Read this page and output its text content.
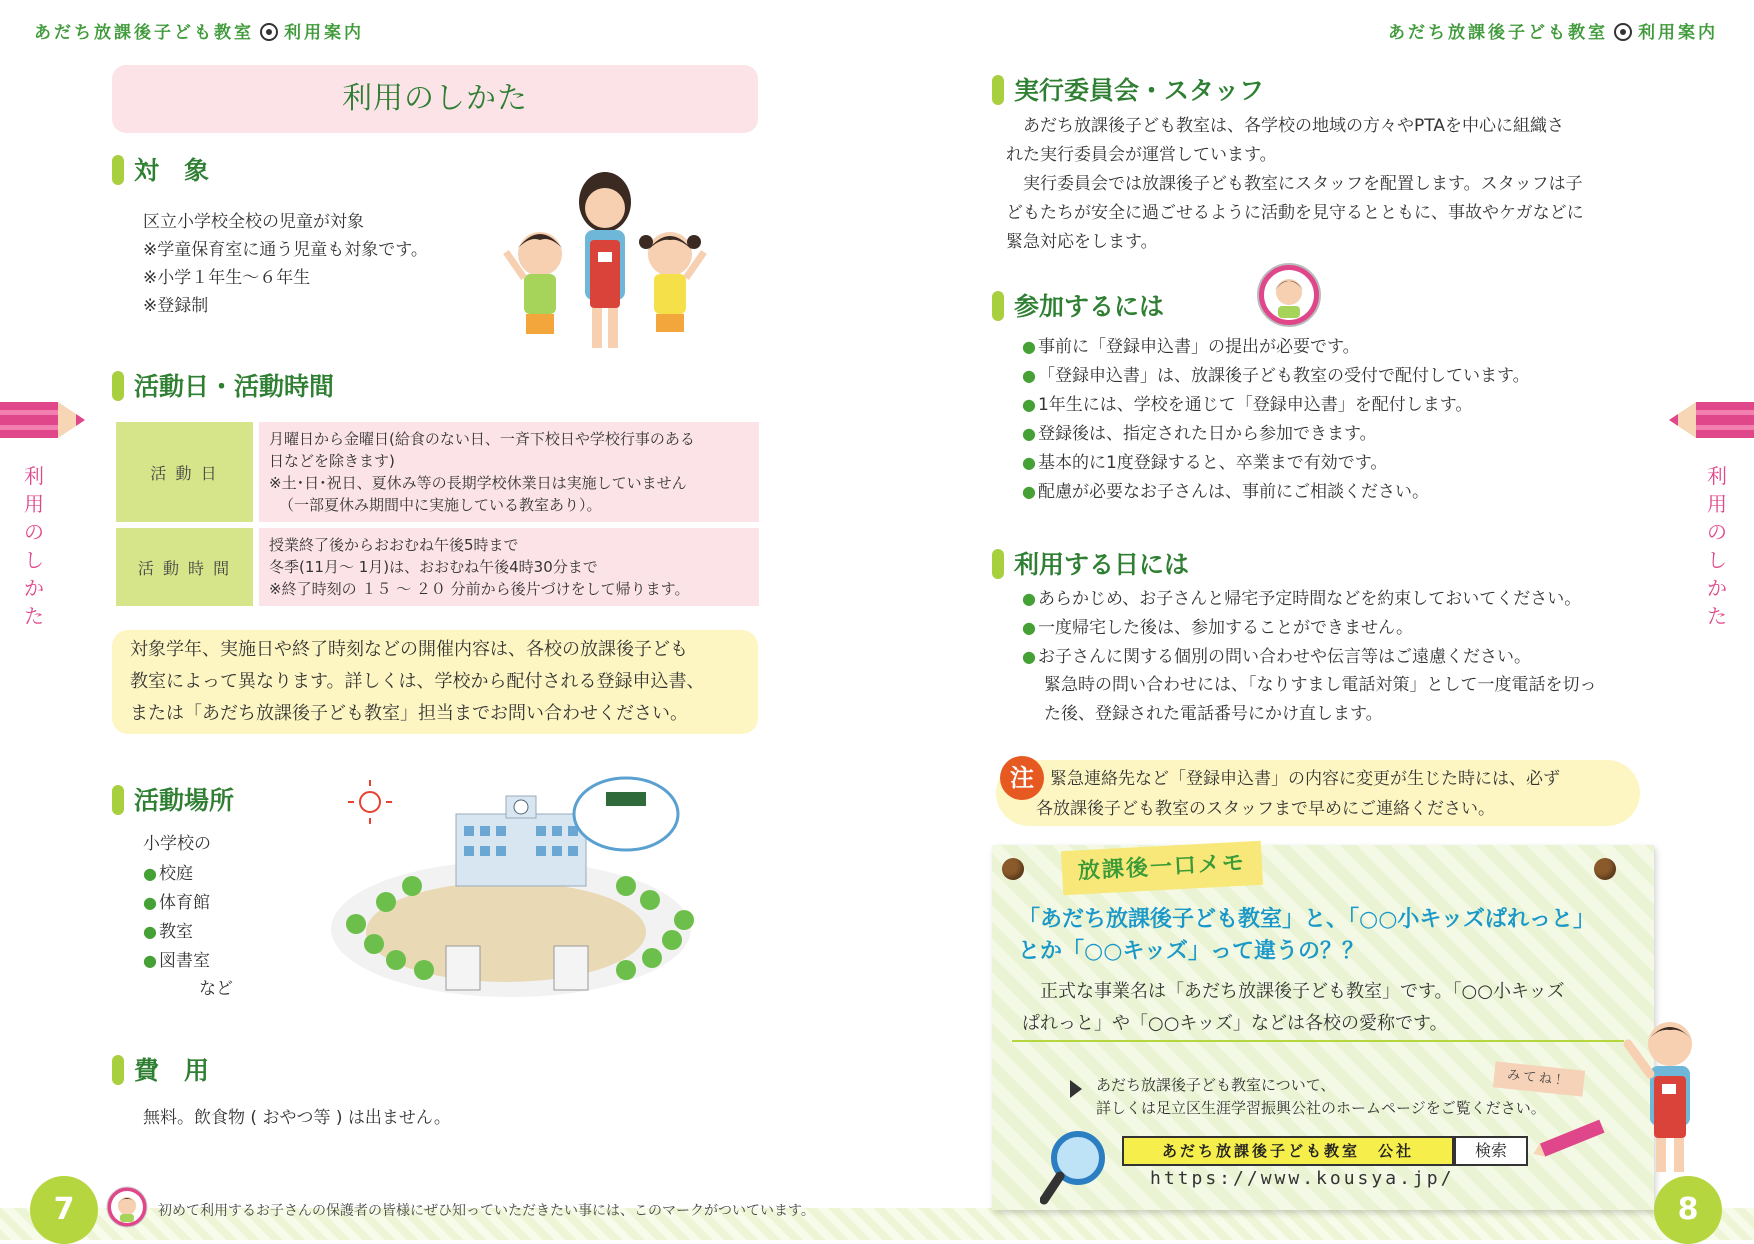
あだち放課後子ども教室 利用案内	あだち放課後子ども教室 利用案内
利用のしかた
利
用
の
し
か
た
対　象
区立小学校全校の児童が対象
※学童保育室に通う児童も対象です。
※小学１年生〜６年生
※登録制
活動日・活動時間
活 動 日	月曜日から金曜日(給食のない日、一斉下校日や学校行事のある
日などを除きます)
※土･日･祝日、夏休み等の長期学校休業日は実施していません
（一部夏休み期間中に実施している教室あり）。

活 動 時 間	授業終了後からおおむね午後5時まで
冬季(11月〜 1月)は、おおむね午後4時30分まで
※終了時刻の １５ 〜 ２０ 分前から後片づけをして帰ります。
対象学年、実施日や終了時刻などの開催内容は、各校の放課後子ども
教室によって異なります。詳しくは、学校から配付される登録申込書、
または「あだち放課後子ども教室」担当までお問い合わせください。
活動場所
小学校の
● 校庭
● 体育館
● 教室
● 図書室
など
費　用
無料。飲食物 ( おやつ等 ) は出ません。
7	初めて利用するお子さんの保護者の皆様にぜひ知っていただきたい事には、このマークがついています。
利
用
の
し
か
た
実行委員会・スタッフ
あだち放課後子ども教室は、各学校の地域の方々やPTAを中心に組織さ
れた実行委員会が運営しています。
実行委員会では放課後子ども教室にスタッフを配置します。スタッフは子
どもたちが安全に過ごせるように活動を見守るとともに、事故やケガなどに
緊急対応をします。
参加するには
● 事前に「登録申込書」の提出が必要です。
● 「登録申込書」は、放課後子ども教室の受付で配付しています。
● 1年生には、学校を通じて「登録申込書」を配付します。
● 登録後は、指定された日から参加できます。
● 基本的に1度登録すると、卒業まで有効です。
● 配慮が必要なお子さんは、事前にご相談ください。
利用する日には
● あらかじめ、お子さんと帰宅予定時間などを約束しておいてください。
● 一度帰宅した後は、参加することができません。
● お子さんに関する個別の問い合わせや伝言等はご遠慮ください。
緊急時の問い合わせには、「なりすまし電話対策」として一度電話を切っ
た後、登録された電話番号にかけ直します。
注 緊急連絡先など「登録申込書」の内容に変更が生じた時には、必ず
各放課後子ども教室のスタッフまで早めにご連絡ください。
放課後一口メモ
「あだち放課後子ども教室」と、「○○小キッズぱれっと」
とか「○○キッズ」って違うの？？
正式な事業名は「あだち放課後子ども教室」です。「○○小キッズ
ぱれっと」や「○○キッズ」などは各校の愛称です。
あだち放課後子ども教室について、
詳しくは足立区生涯学習振興公社のホームページをご覧ください。
みてね！
あだち放課後子ども教室　公社	検索
https://www.kousya.jp/
8
